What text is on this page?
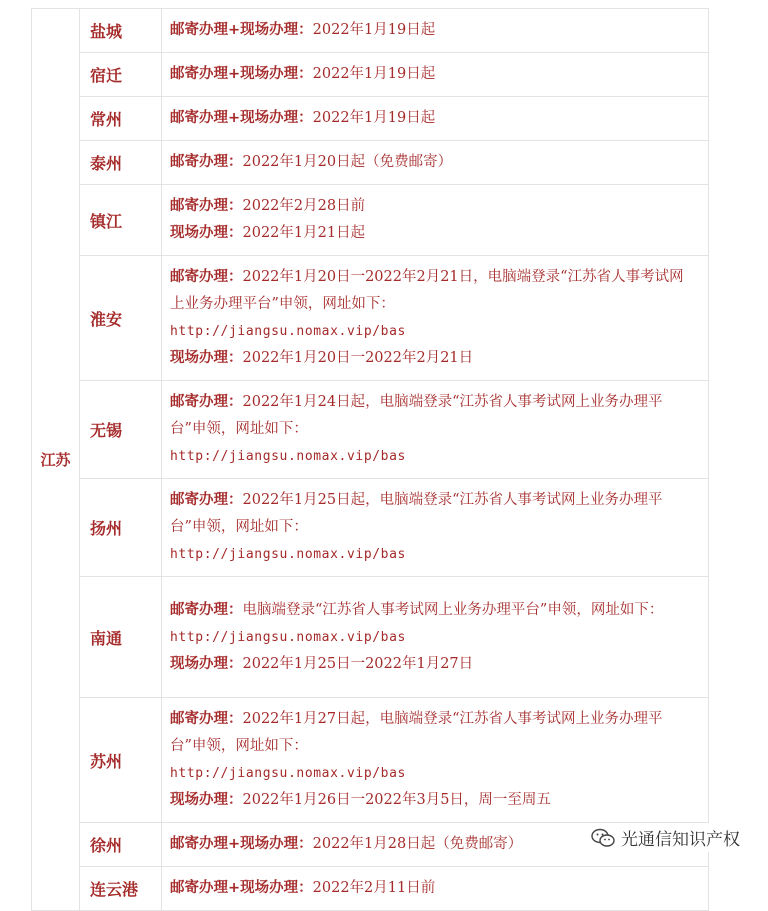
江苏	盐城	邮寄办理+现场办理：2022年1月19日起

	宿迁	邮寄办理+现场办理：2022年1月19日起

	常州	邮寄办理+现场办理：2022年1月19日起

	泰州	邮寄办理：2022年1月20日起（免费邮寄）

	镇江	邮寄办理：2022年2月28日前
现场办理：2022年1月21日起

	淮安	邮寄办理：2022年1月20日一2022年2月21日，电脑端登录“江苏省人事考试网上业务办理平台”申领，网址如下：
http://jiangsu.nomax.vip/bas
现场办理：2022年1月20日一2022年2月21日

	无锡	邮寄办理：2022年1月24日起，电脑端登录“江苏省人事考试网上业务办理平台”申领，网址如下：
http://jiangsu.nomax.vip/bas

	扬州	邮寄办理：2022年1月25日起，电脑端登录“江苏省人事考试网上业务办理平台”申领，网址如下：
http://jiangsu.nomax.vip/bas

	南通	邮寄办理：电脑端登录“江苏省人事考试网上业务办理平台”申领，网址如下：
http://jiangsu.nomax.vip/bas
现场办理：2022年1月25日一2022年1月27日

	苏州	邮寄办理：2022年1月27日起，电脑端登录“江苏省人事考试网上业务办理平台”申领，网址如下：
http://jiangsu.nomax.vip/bas
现场办理：2022年1月26日一2022年3月5日，周一至周五

	徐州	邮寄办理+现场办理：2022年1月28日起（免费邮寄）

	连云港	邮寄办理+现场办理：2022年2月11日前
光通信知识产权
